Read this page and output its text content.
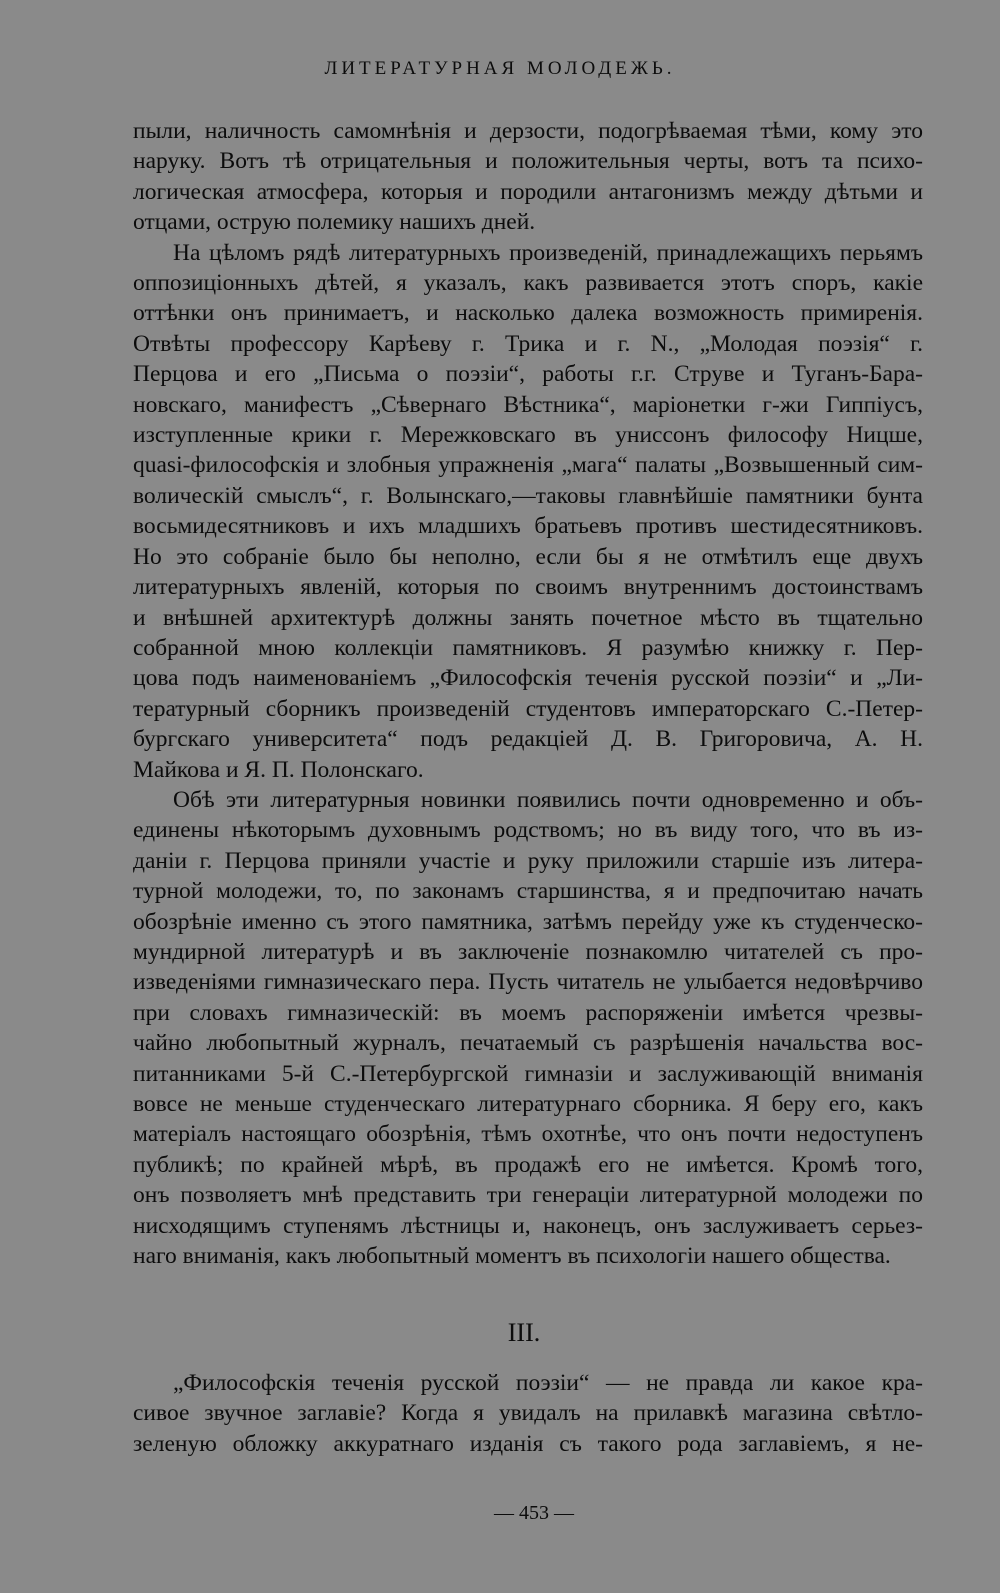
ЛИТЕРАТУРНАЯ МОЛОДЕЖЬ.

пыли, наличность самомнѣнія и дерзости, подогрѣваемая тѣми, кому это
наруку. Вотъ тѣ отрицательныя и положительныя черты, вотъ та психо-
логическая атмосфера, которыя и породили антагонизмъ между дѣтьми и
отцами, острую полемику нашихъ дней.

На цѣломъ рядѣ литературныхъ произведеній, принадлежащихъ перьямъ
оппозиціонныхъ дѣтей, я указалъ, какъ развивается этотъ споръ, какіе
оттѣнки онъ принимаетъ, и насколько далека возможность примиренія.
Отвѣты профессору Карѣеву г. Трика и г. N., „Молодая поэзія“ г.
Перцова и его „Письма о поэзіи“, работы г.г. Струве и Туганъ-Бара-
новскаго, манифестъ „Сѣвернаго Вѣстника“, маріонетки г-жи Гиппіусъ,
изступленные крики г. Мережковскаго въ униссонъ философу Ницше,
quasi-философскія и злобныя упражненія „мага“ палаты „Возвышенный сим-
волическій смыслъ“, г. Волынскаго,—таковы главнѣйшіе памятники бунта
восьмидесятниковъ и ихъ младшихъ братьевъ противъ шестидесятниковъ.
Но это собраніе было бы неполно, если бы я не отмѣтилъ еще двухъ
литературныхъ явленій, которыя по своимъ внутреннимъ достоинствамъ
и внѣшней архитектурѣ должны занять почетное мѣсто въ тщательно
собранной мною коллекціи памятниковъ. Я разумѣю книжку г. Пер-
цова подъ наименованіемъ „Философскія теченія русской поэзіи“ и „Ли-
тературный сборникъ произведеній студентовъ императорскаго С.-Петер-
бургскаго университета“ подъ редакціей Д. В. Григоровича, А. Н.
Майкова и Я. П. Полонскаго.

Обѣ эти литературныя новинки появились почти одновременно и объ-
единены нѣкоторымъ духовнымъ родствомъ; но въ виду того, что въ из-
даніи г. Перцова приняли участіе и руку приложили старшіе изъ литера-
турной молодежи, то, по законамъ старшинства, я и предпочитаю начать
обозрѣніе именно съ этого памятника, затѣмъ перейду уже къ студенческо-
мундирной литературѣ и въ заключеніе познакомлю читателей съ про-
изведеніями гимназическаго пера. Пусть читатель не улыбается недовѣрчиво
при словахъ гимназическій: въ моемъ распоряженіи имѣется чрезвы-
чайно любопытный журналъ, печатаемый съ разрѣшенія начальства вос-
питанниками 5-й С.-Петербургской гимназіи и заслуживающій вниманія
вовсе не меньше студенческаго литературнаго сборника. Я беру его, какъ
матеріалъ настоящаго обозрѣнія, тѣмъ охотнѣе, что онъ почти недоступенъ
публикѣ; по крайней мѣрѣ, въ продажѣ его не имѣется. Кромѣ того,
онъ позволяетъ мнѣ представить три генераціи литературной молодежи по
нисходящимъ ступенямъ лѣстницы и, наконецъ, онъ заслуживаетъ серьез-
наго вниманія, какъ любопытный моментъ въ психологіи нашего общества.

III.
„Философскія теченія русской поэзіи“ — не правда ли какое кра-
сивое звучное заглавіе? Когда я увидалъ на прилавкѣ магазина свѣтло-
зеленую обложку аккуратнаго изданія съ такого рода заглавіемъ, я не-
— 453 —
